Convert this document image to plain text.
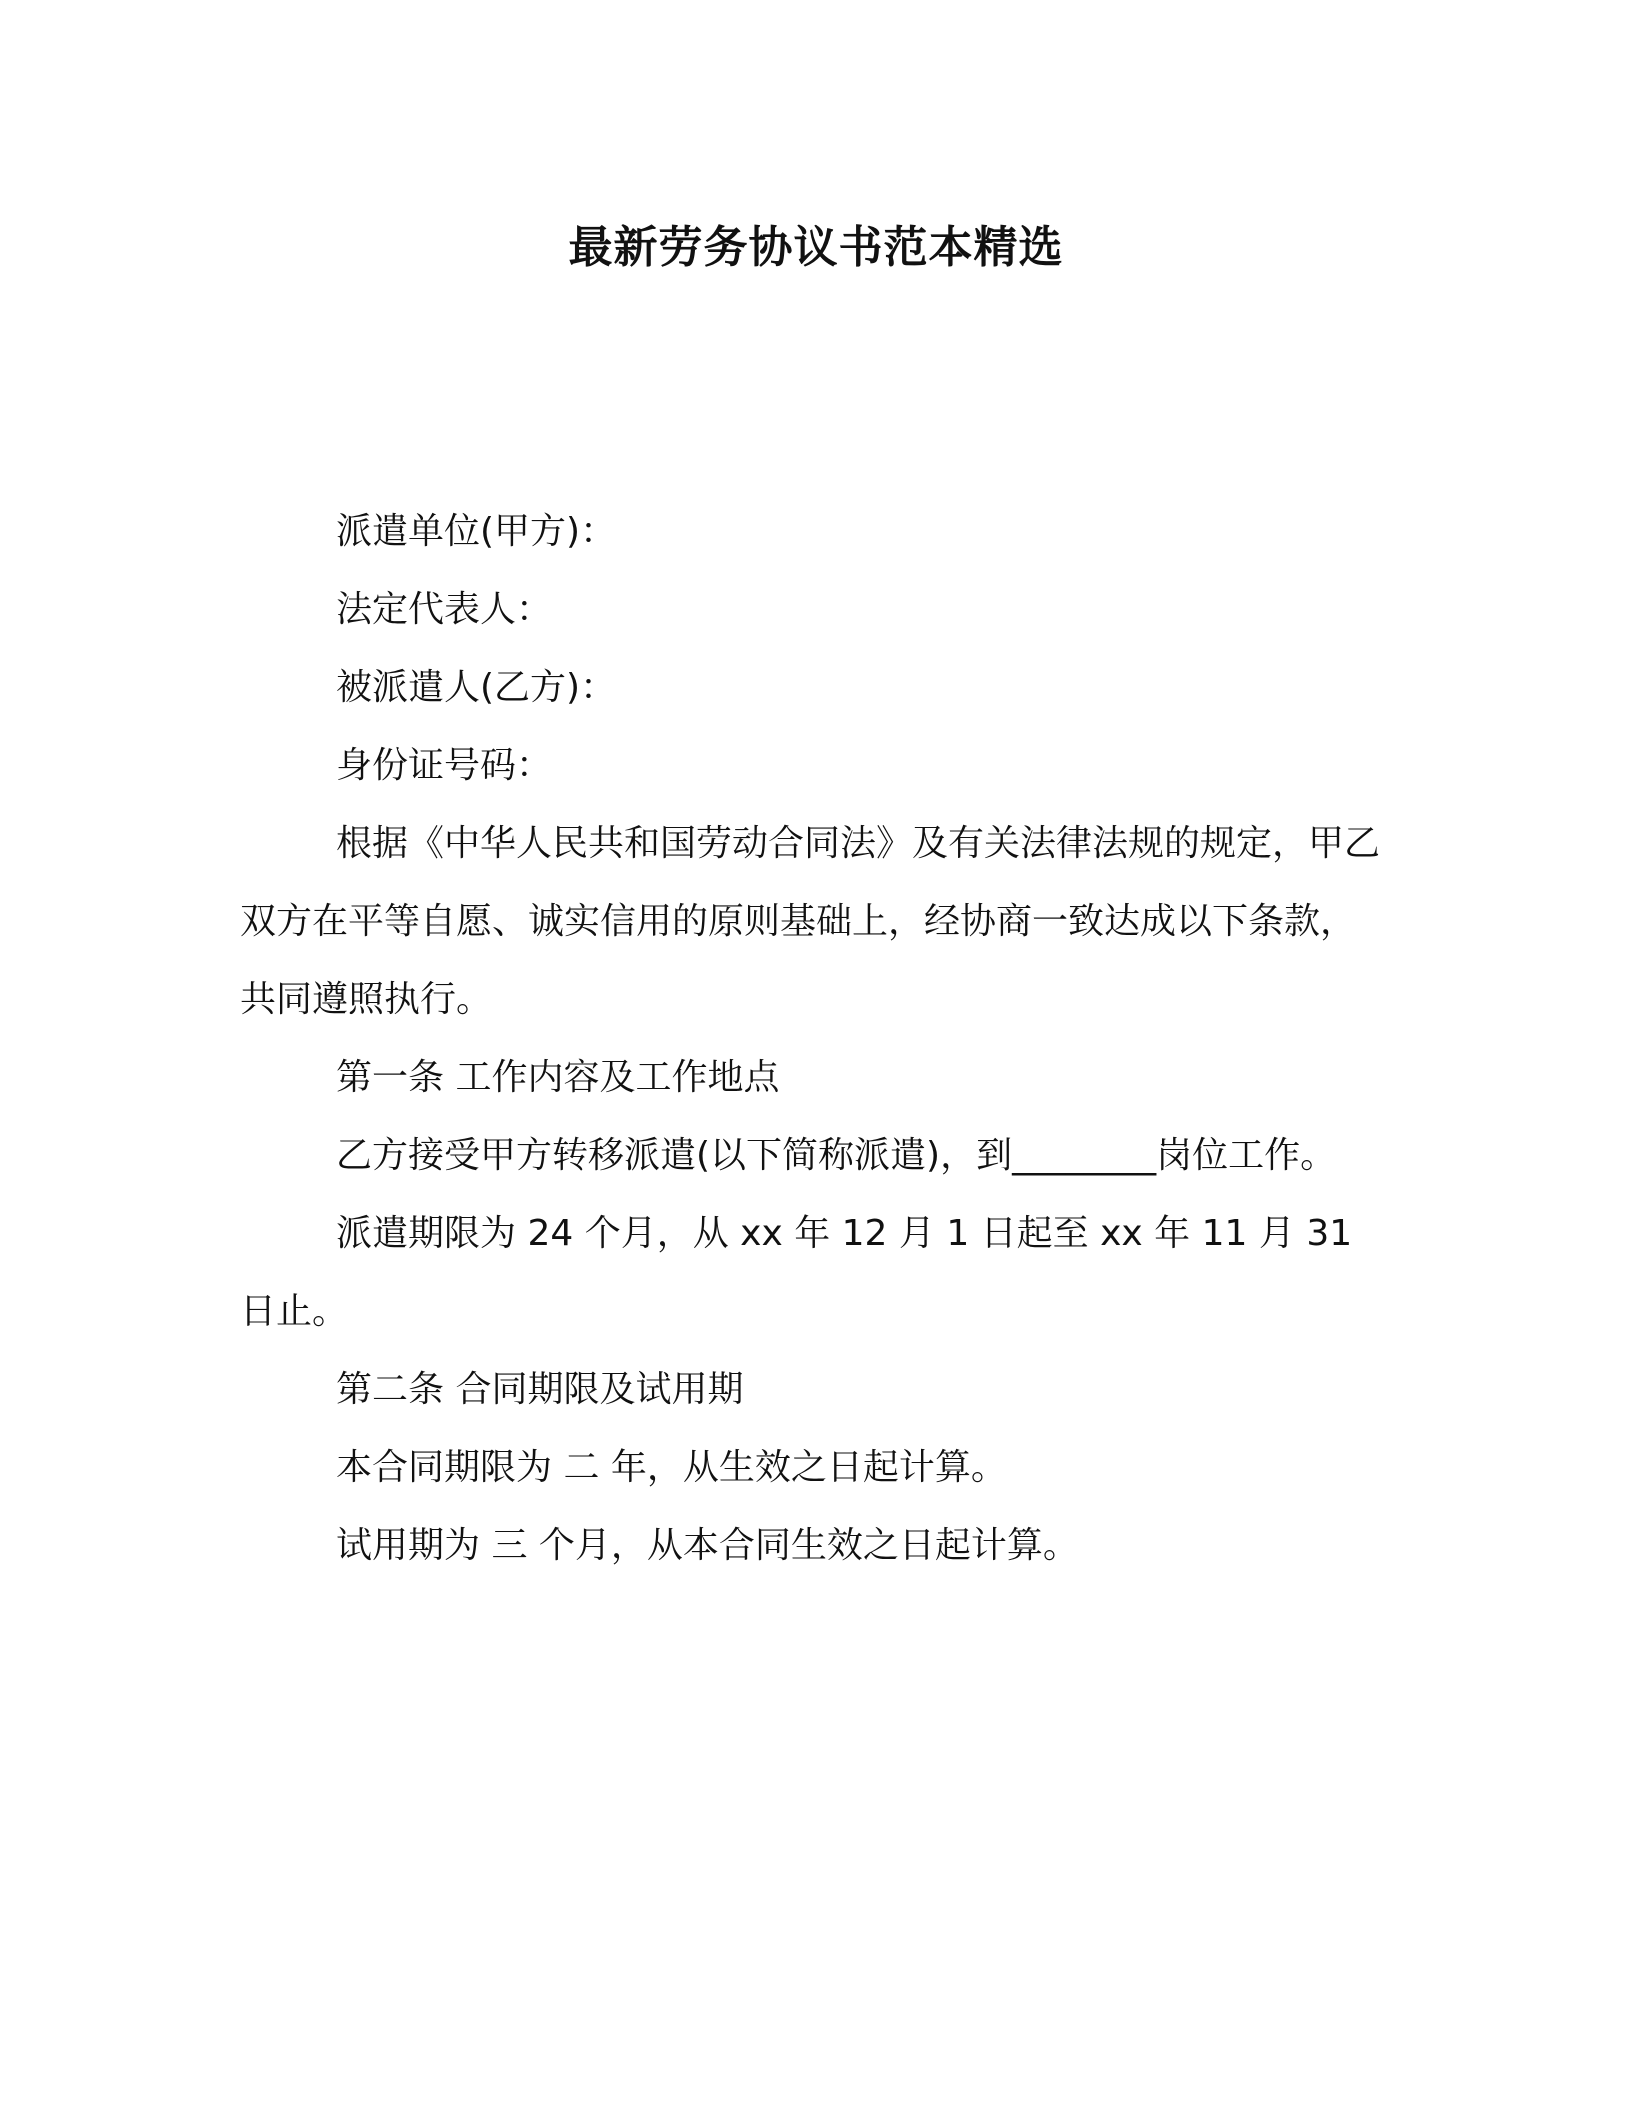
最新劳务协议书范本精选

派遣单位(甲方)：

法定代表人：

被派遣人(乙方)：

身份证号码：

根据《中华人民共和国劳动合同法》及有关法律法规的规定，甲乙双方在平等自愿、诚实信用的原则基础上，经协商一致达成以下条款，共同遵照执行。

第一条 工作内容及工作地点

乙方接受甲方转移派遣(以下简称派遣)，到________岗位工作。

派遣期限为 24 个月，从 xx 年 12 月 1 日起至 xx 年 11 月 31 日止。

第二条 合同期限及试用期

本合同期限为 二 年，从生效之日起计算。

试用期为 三 个月，从本合同生效之日起计算。
